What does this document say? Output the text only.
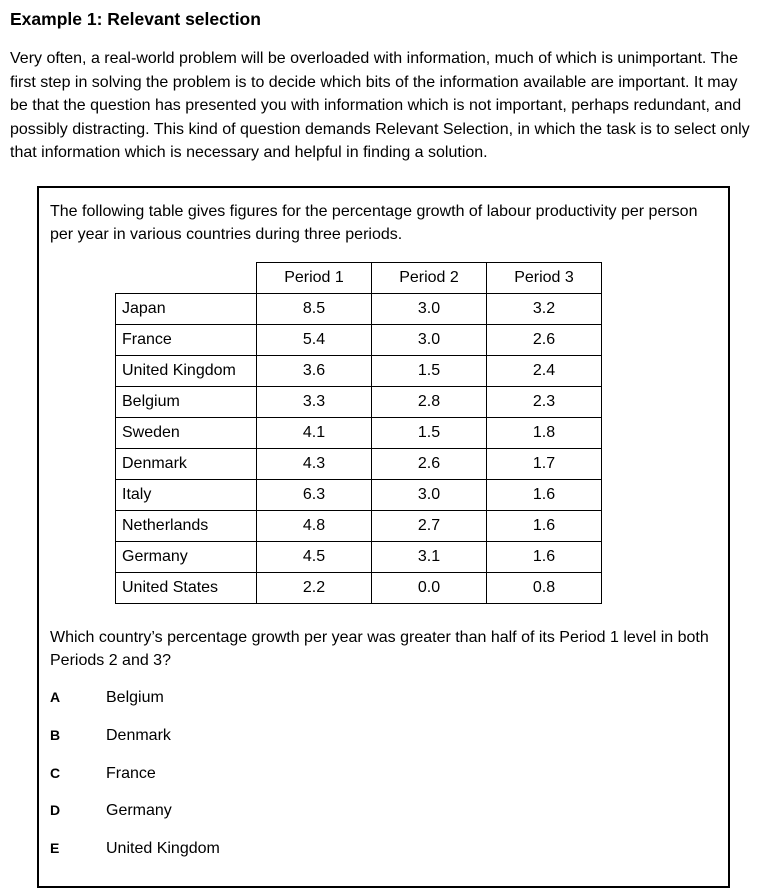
Example 1: Relevant selection

Very often, a real-world problem will be overloaded with information, much of which is unimportant. The first step in solving the problem is to decide which bits of the information available are important. It may be that the question has presented you with information which is not important, perhaps redundant, and possibly distracting. This kind of question demands Relevant Selection, in which the task is to select only that information which is necessary and helpful in finding a solution.

The following table gives figures for the percentage growth of labour productivity per person per year in various countries during three periods.

	Period 1	Period 2	Period 3
Japan	8.5	3.0	3.2
France	5.4	3.0	2.6
United Kingdom	3.6	1.5	2.4
Belgium	3.3	2.8	2.3
Sweden	4.1	1.5	1.8
Denmark	4.3	2.6	1.7
Italy	6.3	3.0	1.6
Netherlands	4.8	2.7	1.6
Germany	4.5	3.1	1.6
United States	2.2	0.0	0.8

Which country’s percentage growth per year was greater than half of its Period 1 level in both Periods 2 and 3?

A	Belgium
B	Denmark
C	France
D	Germany
E	United Kingdom
